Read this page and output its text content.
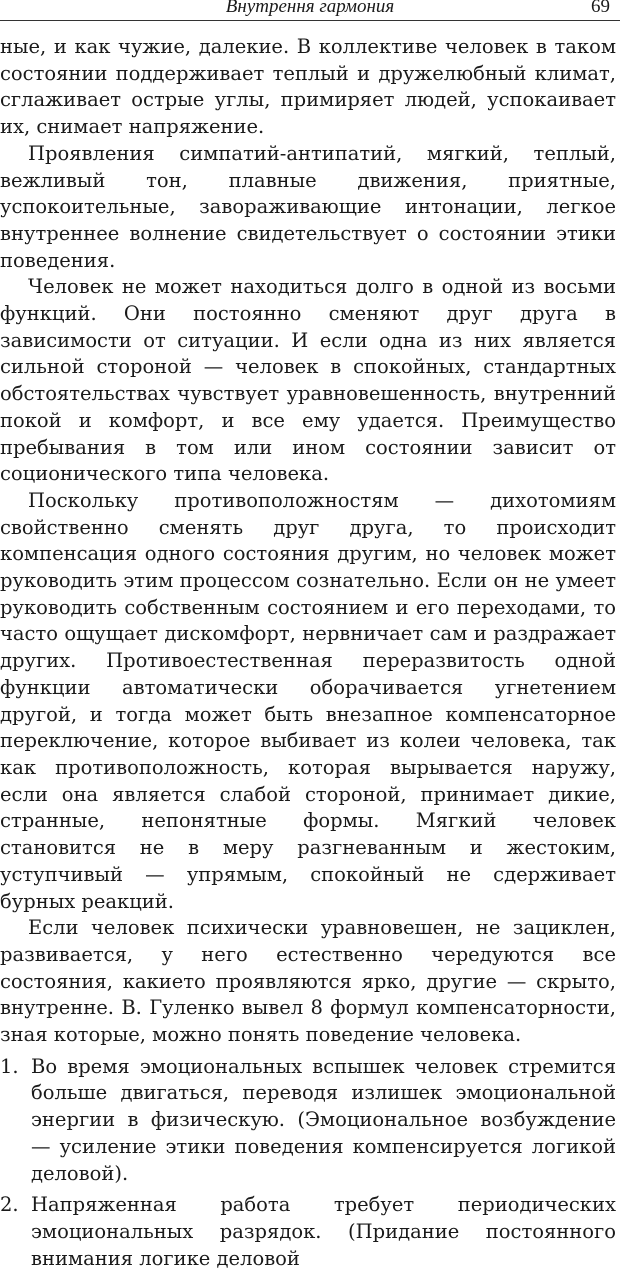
Внутрення гармония	69

ные, и как чужие, далекие. В коллективе человек в таком состоянии поддерживает теплый и дружелюбный климат, сглаживает острые углы, примиряет людей, успокаивает их, снимает напряжение.

Проявления симпатий-антипатий, мягкий, теплый, вежливый тон, плавные движения, приятные, успокоительные, завораживающие интонации, легкое внутреннее волнение свидетельствует о состоянии этики поведения.

Человек не может находиться долго в одной из восьми функций. Они постоянно сменяют друг друга в зависимости от ситуации. И если одна из них является сильной стороной — человек в спокойных, стандартных обстоятельствах чувствует уравновешенность, внутренний покой и комфорт, и все ему удается. Преимущество пребывания в том или ином состоянии зависит от соционического типа человека.

Поскольку противоположностям — дихотомиям свойственно сменять друг друга, то происходит компенсация одного состояния другим, но человек может руководить этим процессом сознательно. Если он не умеет руководить собственным состоянием и его переходами, то часто ощущает дискомфорт, нервничает сам и раздражает других. Противоестественная переразвитость одной функции автоматически оборачивается угнетением другой, и тогда может быть внезапное компенсаторное переключение, которое выбивает из колеи человека, так как противоположность, которая вырывается наружу, если она является слабой стороной, принимает дикие, странные, непонятные формы. Мягкий человек становится не в меру разгневанным и жестоким, уступчивый — упрямым, спокойный не сдерживает бурных реакций.

Если человек психически уравновешен, не зациклен, развивается, у него естественно чередуются все состояния, какието проявляются ярко, другие — скрыто, внутренне. В. Гуленко вывел 8 формул компенсаторности, зная которые, можно понять поведение человека.

1. Во время эмоциональных вспышек человек стремится больше двигаться, переводя излишек эмоциональной энергии в физическую. (Эмоциональное возбуждение — усиление этики поведения компенсируется логикой деловой).
2. Напряженная работа требует периодических эмоциональных разрядок. (Придание постоянного внимания логике деловой
